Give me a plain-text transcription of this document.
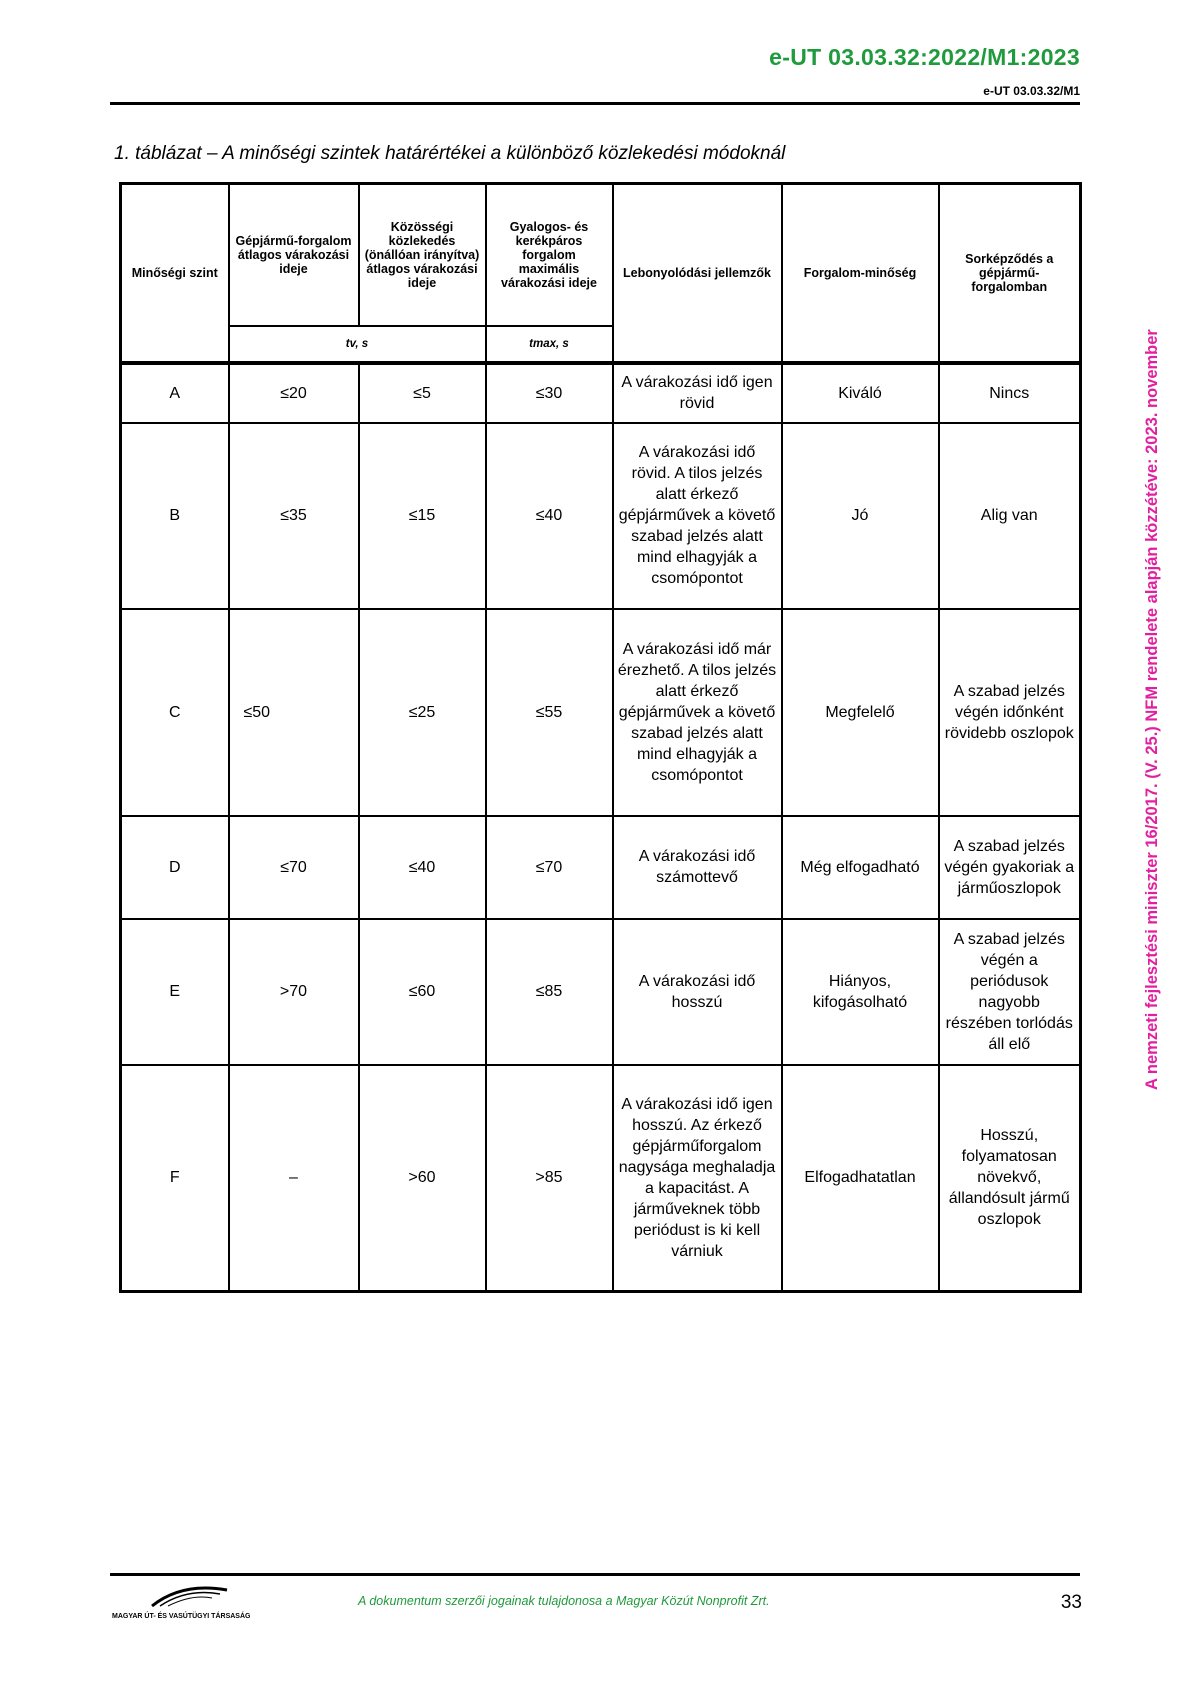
e-UT 03.03.32:2022/M1:2023
e-UT 03.03.32/M1
A nemzeti fejlesztési miniszter 16/2017. (V. 25.) NFM rendelete alapján közzétéve: 2023. november
1. táblázat – A minőségi szintek határértékei a különböző közlekedési módoknál
Minőségi szint	Gépjármű-forgalom átlagos várakozási ideje	Közösségi közlekedés (önállóan irányítva) átlagos várakozási ideje	Gyalogos- és kerékpáros forgalom maximális várakozási ideje	Lebonyolódási jellemzők	Forgalom-minőség	Sorképződés a gépjármű-forgalomban
	tv, s		tmax, s			
A	≤20	≤5	≤30	A várakozási idő igen rövid	Kiváló	Nincs
B	≤35	≤15	≤40	A várakozási idő rövid. A tilos jelzés alatt érkező gépjárművek a követő szabad jelzés alatt mind elhagyják a csomópontot	Jó	Alig van
C	≤50	≤25	≤55	A várakozási idő már érezhető. A tilos jelzés alatt érkező gépjárművek a követő szabad jelzés alatt mind elhagyják a csomópontot	Megfelelő	A szabad jelzés végén időnként rövidebb oszlopok
D	≤70	≤40	≤70	A várakozási idő számottevő	Még elfogadható	A szabad jelzés végén gyakoriak a járműoszlopok
E	>70	≤60	≤85	A várakozási idő hosszú	Hiányos, kifogásolható	A szabad jelzés végén a periódusok nagyobb részében torlódás áll elő
F	–	>60	>85	A várakozási idő igen hosszú. Az érkező gépjárműforgalom nagysága meghaladja a kapacitást. A járműveknek több periódust is ki kell várniuk	Elfogadhatatlan	Hosszú, folyamatosan növekvő, állandósult jármű oszlopok
MAGYAR ÚT- ÉS VASÚTÜGYI TÁRSASÁG
A dokumentum szerzői jogainak tulajdonosa a Magyar Közút Nonprofit Zrt.	33
